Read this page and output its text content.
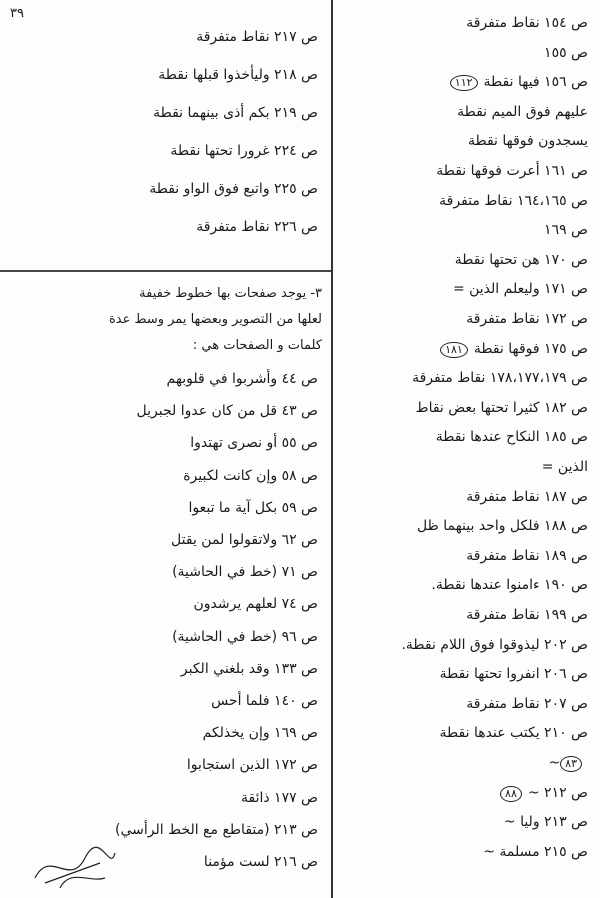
٣٩
ص ١٥٤ نقاط متفرقة
ص ١٥٥
ص ١٥٦ فيها نقطة١١٢
عليهم فوق الميم نقطة
يسجدون فوقها نقطة
ص ١٦١ أعرت فوقها نقطة
ص ١٦٤،١٦٥ نقاط متفرقة
ص ١٦٩
ص ١٧٠ هن تحتها نقطة
ص ١٧١ وليعلم الذين =
ص ١٧٢ نقاط متفرقة
ص ١٧٥ فوقها نقطة١٨١
ص ١٧٨،١٧٧،١٧٩ نقاط متفرقة
ص ١٨٢ كثيرا تحتها بعض نقاط
ص ١٨٥ النكاح عندها نقطة
الذين =
ص ١٨٧ نقاط متفرقة
ص ١٨٨ فلكل واحد بينهما ظل
ص ١٨٩ نقاط متفرقة
ص ١٩٠ ءامنوا عندها نقطة.
ص ١٩٩ نقاط متفرقة
ص ٢٠٢ ليذوقوا فوق اللام نقطة.
ص ٢٠٦ انفروا تحتها نقطة
ص ٢٠٧ نقاط متفرقة
ص ٢١٠ يكتب عندها نقطة
~ ٨٣
ص ٢١٢ ~٨٨
ص ٢١٣ وليا ~
ص ٢١٥ مسلمة ~
ص ٢١٧ نقاط متفرقة
ص ٢١٨ وليأخذوا قبلها نقطة
ص ٢١٩ بكم أذى بينهما نقطة
ص ٢٢٤ غرورا تحتها نقطة
ص ٢٢٥ واتبع فوق الواو نقطة
ص ٢٢٦ نقاط متفرقة
٣- يوجد صفحات بها خطوط خفيفة
لعلها من التصوير وبعضها يمر وسط عدة
كلمات و الصفحات هي :
ص ٤٤ وأشربوا في قلوبهم
ص ٤٣ قل من كان عدوا لجبريل
ص ٥٥ أو نصرى تهتدوا
ص ٥٨ وإن كانت لكبيرة
ص ٥٩ بكل آية ما تبعوا
ص ٦٢ ولاتقولوا لمن يقتل
ص ٧١ (خط في الحاشية)
ص ٧٤ لعلهم يرشدون
ص ٩٦ (خط في الحاشية)
ص ١٣٣ وقد بلغني الكبر
ص ١٤٠ فلما أحس
ص ١٦٩ وإن يخذلكم
ص ١٧٢ الذين استجابوا
ص ١٧٧ ذائقة
ص ٢١٣ (متقاطع مع الخط الرأسي)
ص ٢١٦ لست مؤمنا
